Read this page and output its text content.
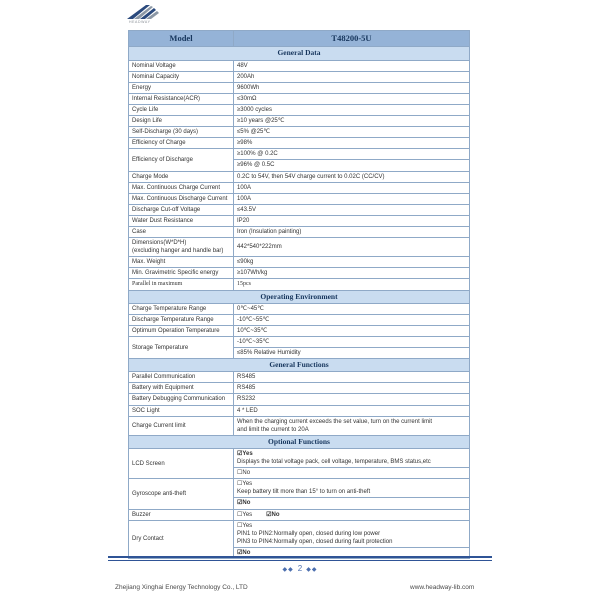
HEADWAY
Model	T48200-5U
General Data	

Nominal Voltage	48V

Nominal Capacity	200Ah

Energy	9600Wh

Internal Resistance(ACR)	≤30mΩ

Cycle Life	≥3000 cycles

Design Life	≥10 years @25℃

Self-Discharge (30 days)	≤5% @25℃

Efficiency of Charge	≥98%

Efficiency of Discharge	≥100% @ 0.2C

	≥96% @ 0.5C

Charge Mode	0.2C to 54V, then 54V charge current to 0.02C (CC/CV)

Max. Continuous Charge Current	100A

Max. Continuous Discharge Current	100A

Discharge Cut-off Voltage	≤43.5V

Water Dust Resistance	IP20

Case	Iron (Insulation painting)

Dimensions(W*D*H)
(excluding hanger and handle bar)	442*540*222mm

Max. Weight	≤90kg

Min. Gravimetric Specific energy	≥107Wh/kg

Parallel in maximum	15pcs

Operating Environment	

Charge Temperature Range	0℃~45℃

Discharge Temperature Range	-10℃~55℃

Optimum Operation Temperature	10℃~35℃

Storage Temperature	-10℃~35℃

	≤85% Relative Humidity

General Functions	

Parallel Communication	RS485

Battery with Equipment	RS485

Battery Debugging Communication	RS232

SOC Light	4 * LED

Charge Current limit	When the charging current exceeds the set value, turn on the current limit
and limit the current to 20A

Optional Functions	

LCD Screen	☑Yes
Displays the total voltage pack, cell voltage, temperature, BMS status,etc

	☐No

Gyroscope anti-theft	☐Yes
Keep battery tilt more than 15° to turn on anti-theft

	☑No

Buzzer	☐Yes ☑No

Dry Contact	☐Yes
PIN1 to PIN2:Normally open, closed during low power
PIN3 to PIN4:Normally open, closed during fault protection

	☑No
◆◆ 2 ◆◆
Zhejiang Xinghai Energy Technology Co., LTD	www.headway-lib.com
